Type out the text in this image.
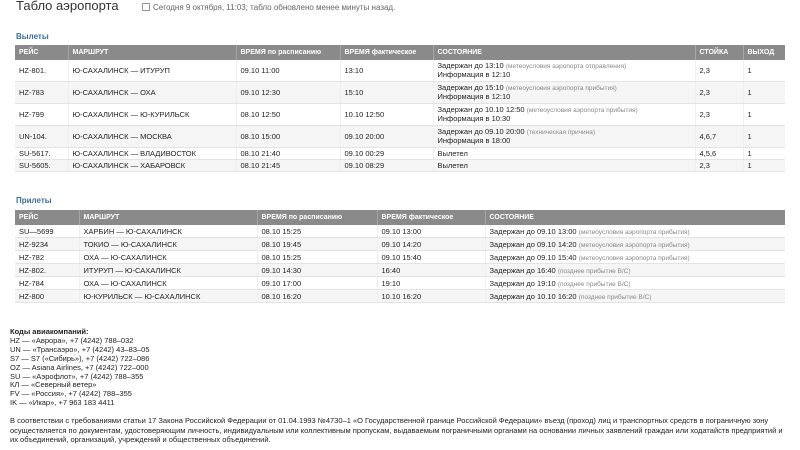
Табло аэропорта	Сегодня 9 октября, 11:03; табло обновлено менее минуты назад.
Вылеты
РЕЙС	МАРШРУТ	ВРЕМЯ по расписанию	ВРЕМЯ фактическое	СОСТОЯНИЕ	СТОЙКА	ВЫХОД
HZ-801.	Ю-САХАЛИНСК — ИТУРУП	09.10 11:00	13:10	Задержан до 13:10 (метеоусловия аэропорта отправления)
Информация в 12:10	2,3	1
HZ-783	Ю-САХАЛИНСК — ОХА	09.10 12:30	15:10	Задержан до 15:10 (метеоусловия аэропорта прибытия)
Информация в 12:10	2,3	1
HZ-799	Ю-САХАЛИНСК — Ю-КУРИЛЬСК	08.10 12:50	10.10 12:50	Задержан до 10.10 12:50 (метеоусловия аэропорта прибытия)
Информация в 10:30	2,3	1
UN-104.	Ю-САХАЛИНСК — МОСКВА	08.10 15:00	09.10 20:00	Задержан до 09.10 20:00 (техническая причина)
Информация в 18:00	4,6,7	1
SU-5617.	Ю-САХАЛИНСК — ВЛАДИВОСТОК	08.10 21:40	09.10 00:29	Вылетел	4,5,6	1
SU-5605.	Ю-САХАЛИНСК — ХАБАРОВСК	08.10 21:45	09.10 08:29	Вылетел	2,3	1
Прилеты
РЕЙС	МАРШРУТ	ВРЕМЯ по расписанию	ВРЕМЯ фактическое	СОСТОЯНИЕ
SU—5699	ХАРБИН — Ю-САХАЛИНСК	08.10 15:25	09.10 13:00	Задержан до 09.10 13:00 (метеоусловия аэропорта прибытия)
HZ-9234	ТОКИО — Ю-САХАЛИНСК	08.10 19:45	09.10 14:20	Задержан до 09.10 14:20 (метеоусловия аэропорта прибытия)
HZ-782	ОХА — Ю-САХАЛИНСК	08.10 15:25	09.10 15:40	Задержан до 09.10 15:40 (метеоусловия аэропорта прибытия)
HZ-802.	ИТУРУП — Ю-САХАЛИНСК	09.10 14:30	16:40	Задержан до 16:40 (позднее прибытие В/С)
HZ-784	ОХА — Ю-САХАЛИНСК	09.10 17:00	19:10	Задержан до 19:10 (позднее прибытие В/С)
HZ-800	Ю-КУРИЛЬСК — Ю-САХАЛИНСК	08.10 16:20	10.10 16:20	Задержан до 10.10 16:20 (позднее прибытие В/С)
Коды авиакомпаний:
HZ — «Аврора», +7 (4242) 788–032
UN — «Трансаэро», +7 (4242) 43–83–05
S7 — S7 («Сибирь»), +7 (4242) 722–086
OZ — Asiana Airlines, +7 (4242) 722–000
SU — «Аэрофлот», +7 (4242) 788–355
КЛ — «Северный ветер»
FV — «Россия», +7 (4242) 788–355
IK — «Икар», +7 963 183 4411
В соответствии с требованиями статьи 17 Закона Российской Федерации от 01.04.1993 №4730–1 «О Государственной границе Российской Федерации» въезд (проход) лиц и транспортных средств в пограничную зону осуществляется по документам, удостоверяющим личность, индивидуальным или коллективным пропускам, выдаваемым пограничными органами на основании личных заявлений граждан или ходатайств предприятий и их объединений, организаций, учреждений и общественных объединений.
